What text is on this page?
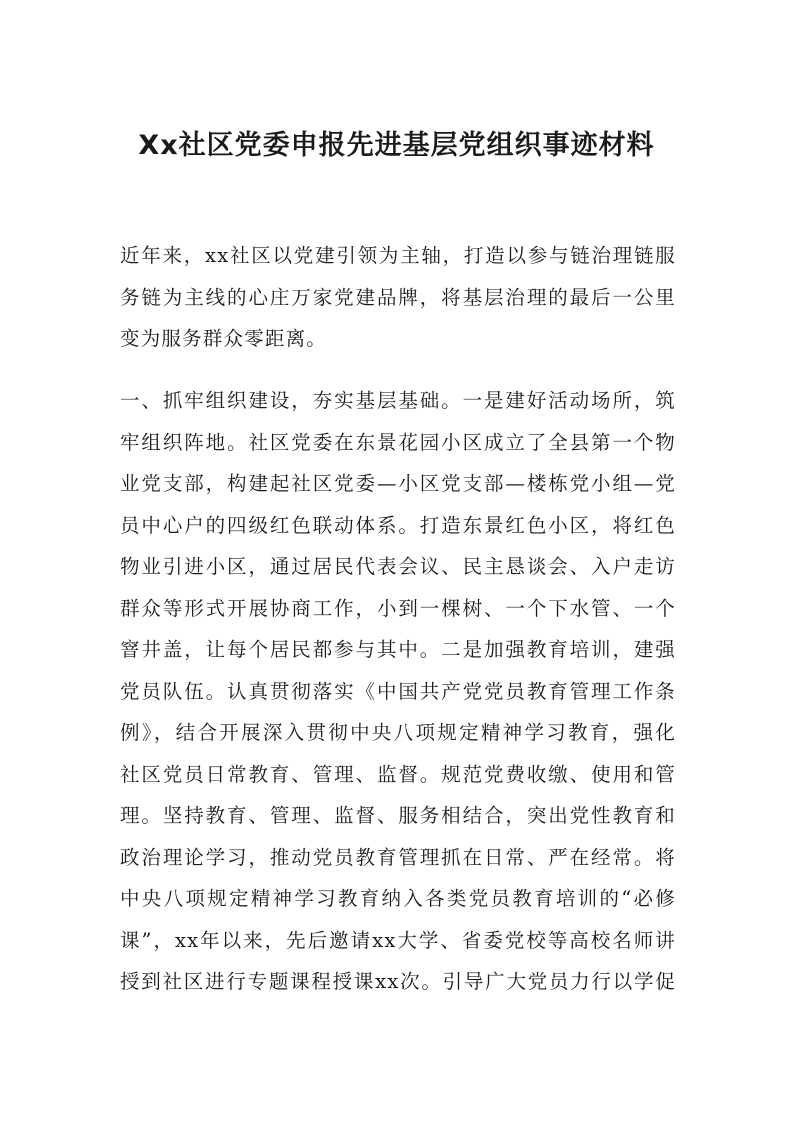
Xx社区党委申报先进基层党组织事迹材料
近年来，xx社区以党建引领为主轴，打造以参与链治理链服
务链为主线的心庄万家党建品牌，将基层治理的最后一公里
变为服务群众零距离。
一、抓牢组织建设，夯实基层基础。一是建好活动场所，筑
牢组织阵地。社区党委在东景花园小区成立了全县第一个物
业党支部，构建起社区党委—小区党支部—楼栋党小组—党
员中心户的四级红色联动体系。打造东景红色小区，将红色
物业引进小区，通过居民代表会议、民主恳谈会、入户走访
群众等形式开展协商工作，小到一棵树、一个下水管、一个
窨井盖，让每个居民都参与其中。二是加强教育培训，建强
党员队伍。认真贯彻落实《中国共产党党员教育管理工作条
例》，结合开展深入贯彻中央八项规定精神学习教育，强化
社区党员日常教育、管理、监督。规范党费收缴、使用和管
理。坚持教育、管理、监督、服务相结合，突出党性教育和
政治理论学习，推动党员教育管理抓在日常、严在经常。将
中央八项规定精神学习教育纳入各类党员教育培训的“必修
课”，xx年以来，先后邀请xx大学、省委党校等高校名师讲
授到社区进行专题课程授课xx次。引导广大党员力行以学促
